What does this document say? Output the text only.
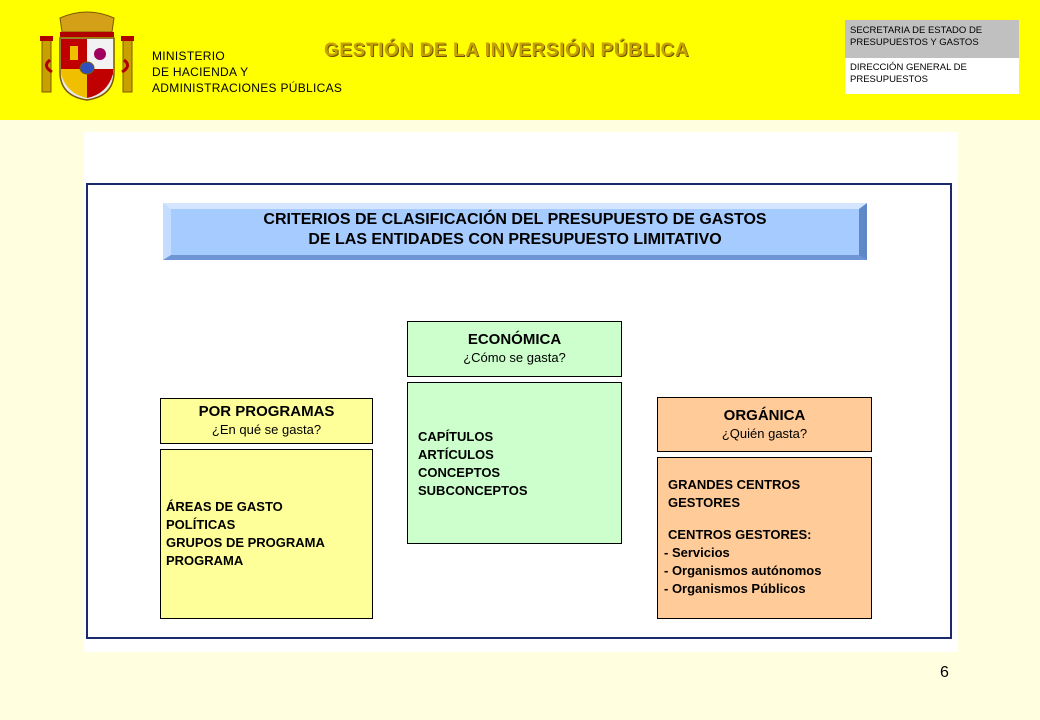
MINISTERIO
DE HACIENDA Y
ADMINISTRACIONES PÚBLICAS
GESTIÓN DE LA INVERSIÓN PÚBLICA
SECRETARIA DE ESTADO DE
PRESUPUESTOS Y GASTOS
DIRECCIÓN GENERAL DE
PRESUPUESTOS
CRITERIOS DE CLASIFICACIÓN DEL PRESUPUESTO DE GASTOS
DE LAS ENTIDADES CON PRESUPUESTO LIMITATIVO
ECONÓMICA
¿Cómo se gasta?
CAPÍTULOS
ARTÍCULOS
CONCEPTOS
SUBCONCEPTOS
POR PROGRAMAS
¿En qué se gasta?
ÁREAS DE GASTO
POLÍTICAS
GRUPOS DE PROGRAMA
PROGRAMA
ORGÁNICA
¿Quién gasta?
GRANDES CENTROS
GESTORES
CENTROS GESTORES:
- Servicios
- Organismos autónomos
- Organismos Públicos
6
